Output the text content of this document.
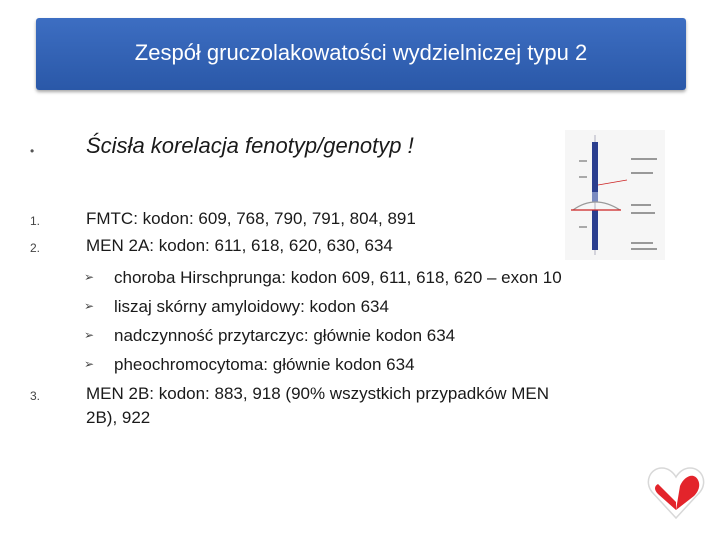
Zespół gruczolakowatości wydzielniczej typu 2
• Ścisła korelacja fenotyp/genotyp !
1.	FMTC: kodon: 609, 768, 790, 791, 804, 891
2.	MEN 2A: kodon: 611, 618, 620, 630, 634
➢ choroba Hirschprunga: kodon 609, 611, 618, 620 – exon 10
➢ liszaj skórny amyloidowy: kodon 634
➢ nadczynność przytarczyc: głównie kodon 634
➢ pheochromocytoma: głównie kodon 634
3.	MEN 2B: kodon: 883, 918 (90% wszystkich przypadków MEN
2B), 922
